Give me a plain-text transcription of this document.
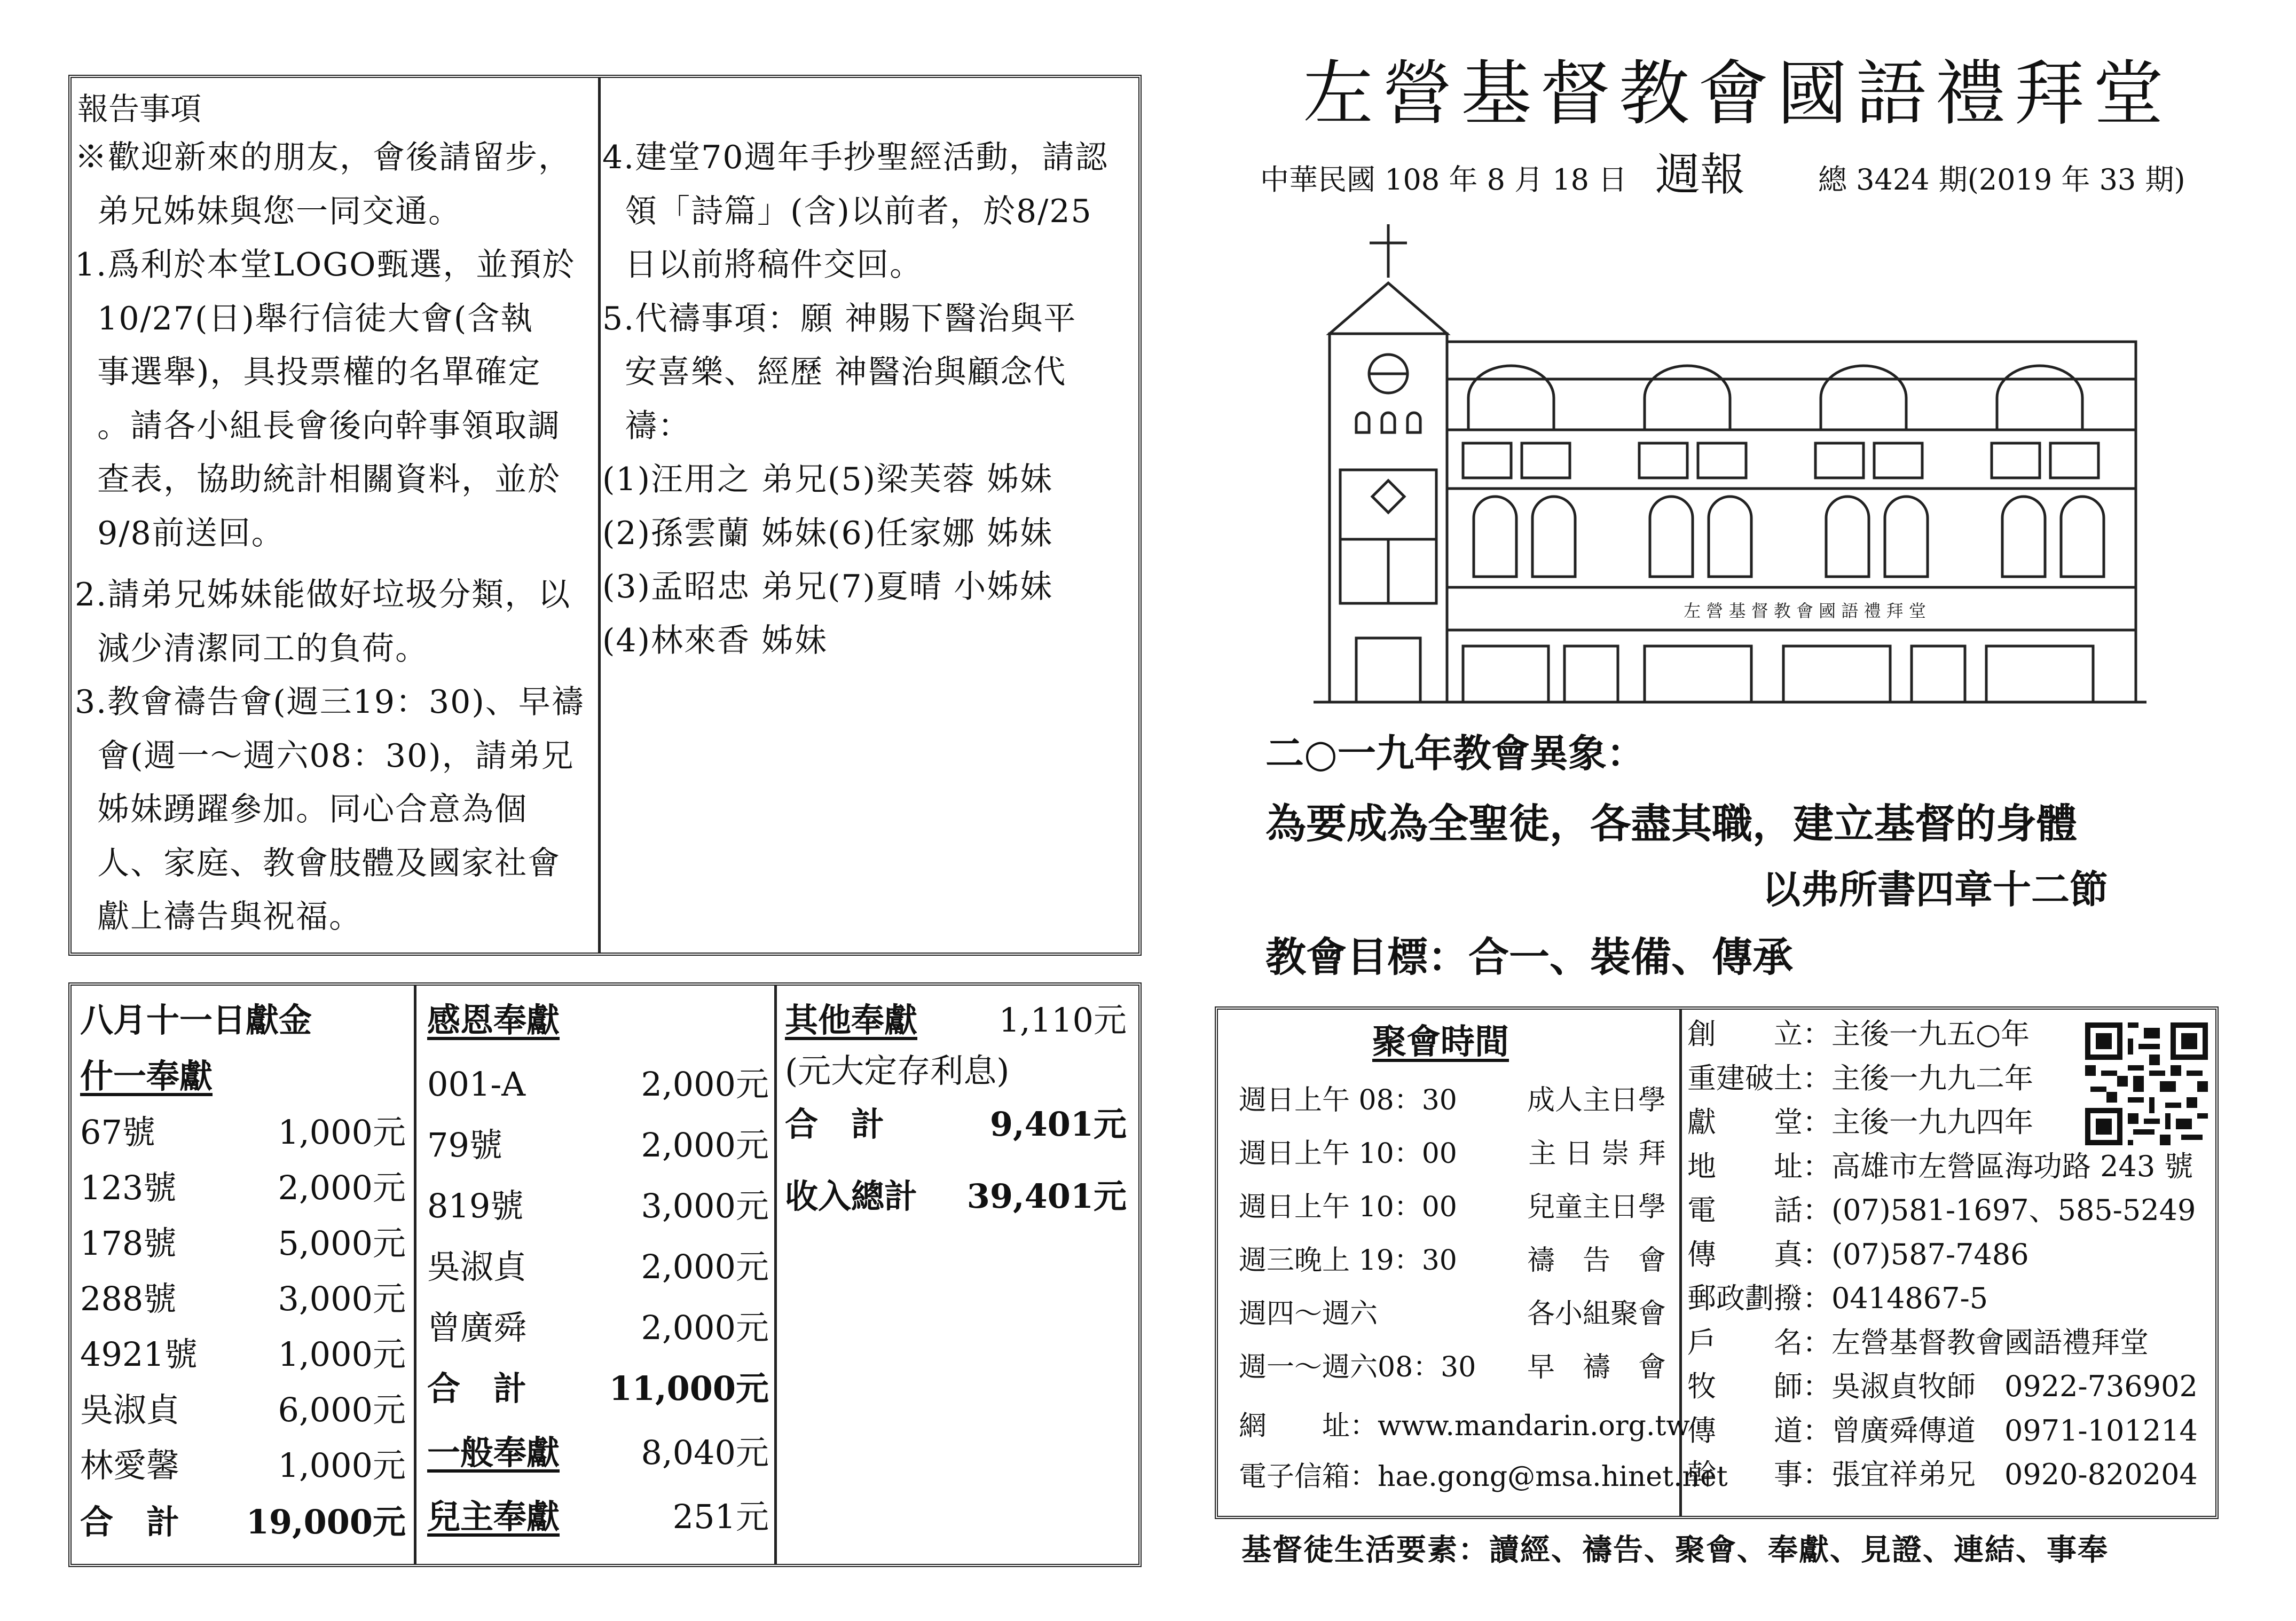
報告事項
※歡迎新來的朋友，會後請留步，
弟兄姊妹與您一同交通。
1.爲利於本堂LOGO甄選，並預於
10/27(日)舉行信徒大會(含執
事選舉)，具投票權的名單確定
。請各小組長會後向幹事領取調
查表，協助統計相關資料，並於
9/8前送回。
2.請弟兄姊妹能做好垃圾分類，以
減少清潔同工的負荷。
3.教會禱告會(週三19：30)、早禱
會(週一～週六08：30)，請弟兄
姊妹踴躍參加。同心合意為個
人、家庭、教會肢體及國家社會
獻上禱告與祝福。
4.建堂70週年手抄聖經活動，請認
領「詩篇」(含)以前者，於8/25
日以前將稿件交回。
5.代禱事項：願 神賜下醫治與平
安喜樂、經歷 神醫治與顧念代
禱：
(1)汪用之 弟兄(5)梁芙蓉 姊妹
(2)孫雲蘭 姊妹(6)任家娜 姊妹
(3)孟昭忠 弟兄(7)夏晴 小姊妹
(4)林來香 姊妹
八月十一日獻金
什一奉獻
67號	1,000元
123號	2,000元
178號	5,000元
288號	3,000元
4921號 1,000元
吳淑貞	6,000元
林愛馨	1,000元
合　計 19,000元
感恩奉獻
001-A	2,000元
79號	2,000元
819號	3,000元
吳淑貞	2,000元
曾廣舜	2,000元
合　計 11,000元
一般奉獻 8,040元
兒主奉獻	251元
其他奉獻 1,110元
(元大定存利息)
合　計	9,401元
收入總計 39,401元
左營基督教會國語禮拜堂
中華民國 108 年 8 月 18 日 週報	總 3424 期(2019 年 33 期)
左 營 基 督 教 會 國 語 禮 拜 堂
二○一九年教會異象：
為要成為全聖徒，各盡其職，建立基督的身體
以弗所書四章十二節
教會目標：合一、裝備、傳承
聚會時間
週日上午 08：30	成人主日學
週日上午 10：00	主 日 崇 拜
週日上午 10：00	兒童主日學
週三晚上 19：30	禱　告　會
週四～週六	各小組聚會
週一～週六08：30 早　禱　會
網　　址：www.mandarin.org.tw
電子信箱：hae.gong@msa.hinet.net
創　　立：主後一九五○年
重建破土：主後一九九二年
獻　　堂：主後一九九四年
地　　址：高雄市左營區海功路 243 號
電　　話：(07)581-1697、585-5249
傳　　真：(07)587-7486
郵政劃撥：0414867-5
戶　　名：左營基督教會國語禮拜堂
牧　　師：吳淑貞牧師　0922-736902
傳　　道：曾廣舜傳道　0971-101214
幹　　事：張宜祥弟兄　0920-820204
基督徒生活要素：讀經、禱告、聚會、奉獻、見證、連結、事奉
